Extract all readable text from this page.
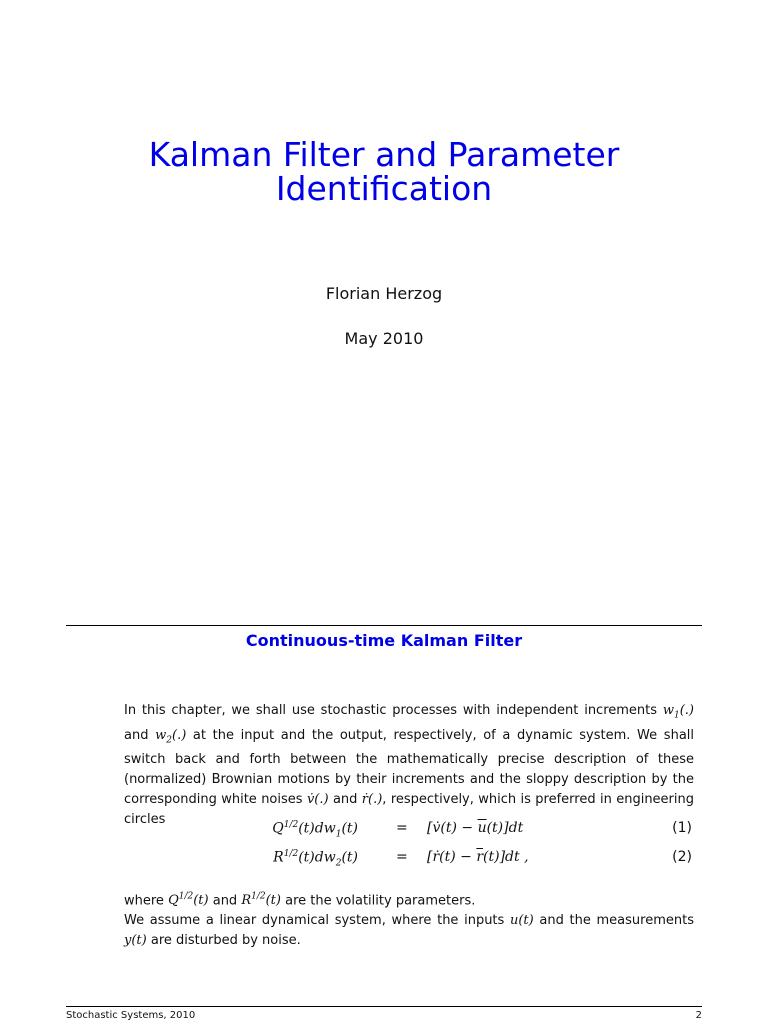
Kalman Filter and Parameter
Identification
Florian Herzog
May 2010
Continuous-time Kalman Filter
In this chapter, we shall use stochastic processes with independent increments $w_1(.)$ and $w_2(.)$ at the input and the output, respectively, of a dynamic system. We shall switch back and forth between the mathematically precise description of these (normalized) Brownian motions by their increments and the sloppy description by the corresponding white noises v̇(.) and ṙ(.), respectively, which is preferred in engineering circles
$Q^{1/2}(t)dw_1(t)$	= [v̇(t) − $\overline{u}(t)]dt$	(1)
$R^{1/2}(t)dw_2(t)$	= [ṙ(t) − $\overline{r}(t)]dt$ ,	(2)
where $Q^{1/2}(t)$ and $R^{1/2}(t)$ are the volatility parameters.
We assume a linear dynamical system, where the inputs u(t) and the measurements y(t) are disturbed by noise.
Stochastic Systems, 2010	2
